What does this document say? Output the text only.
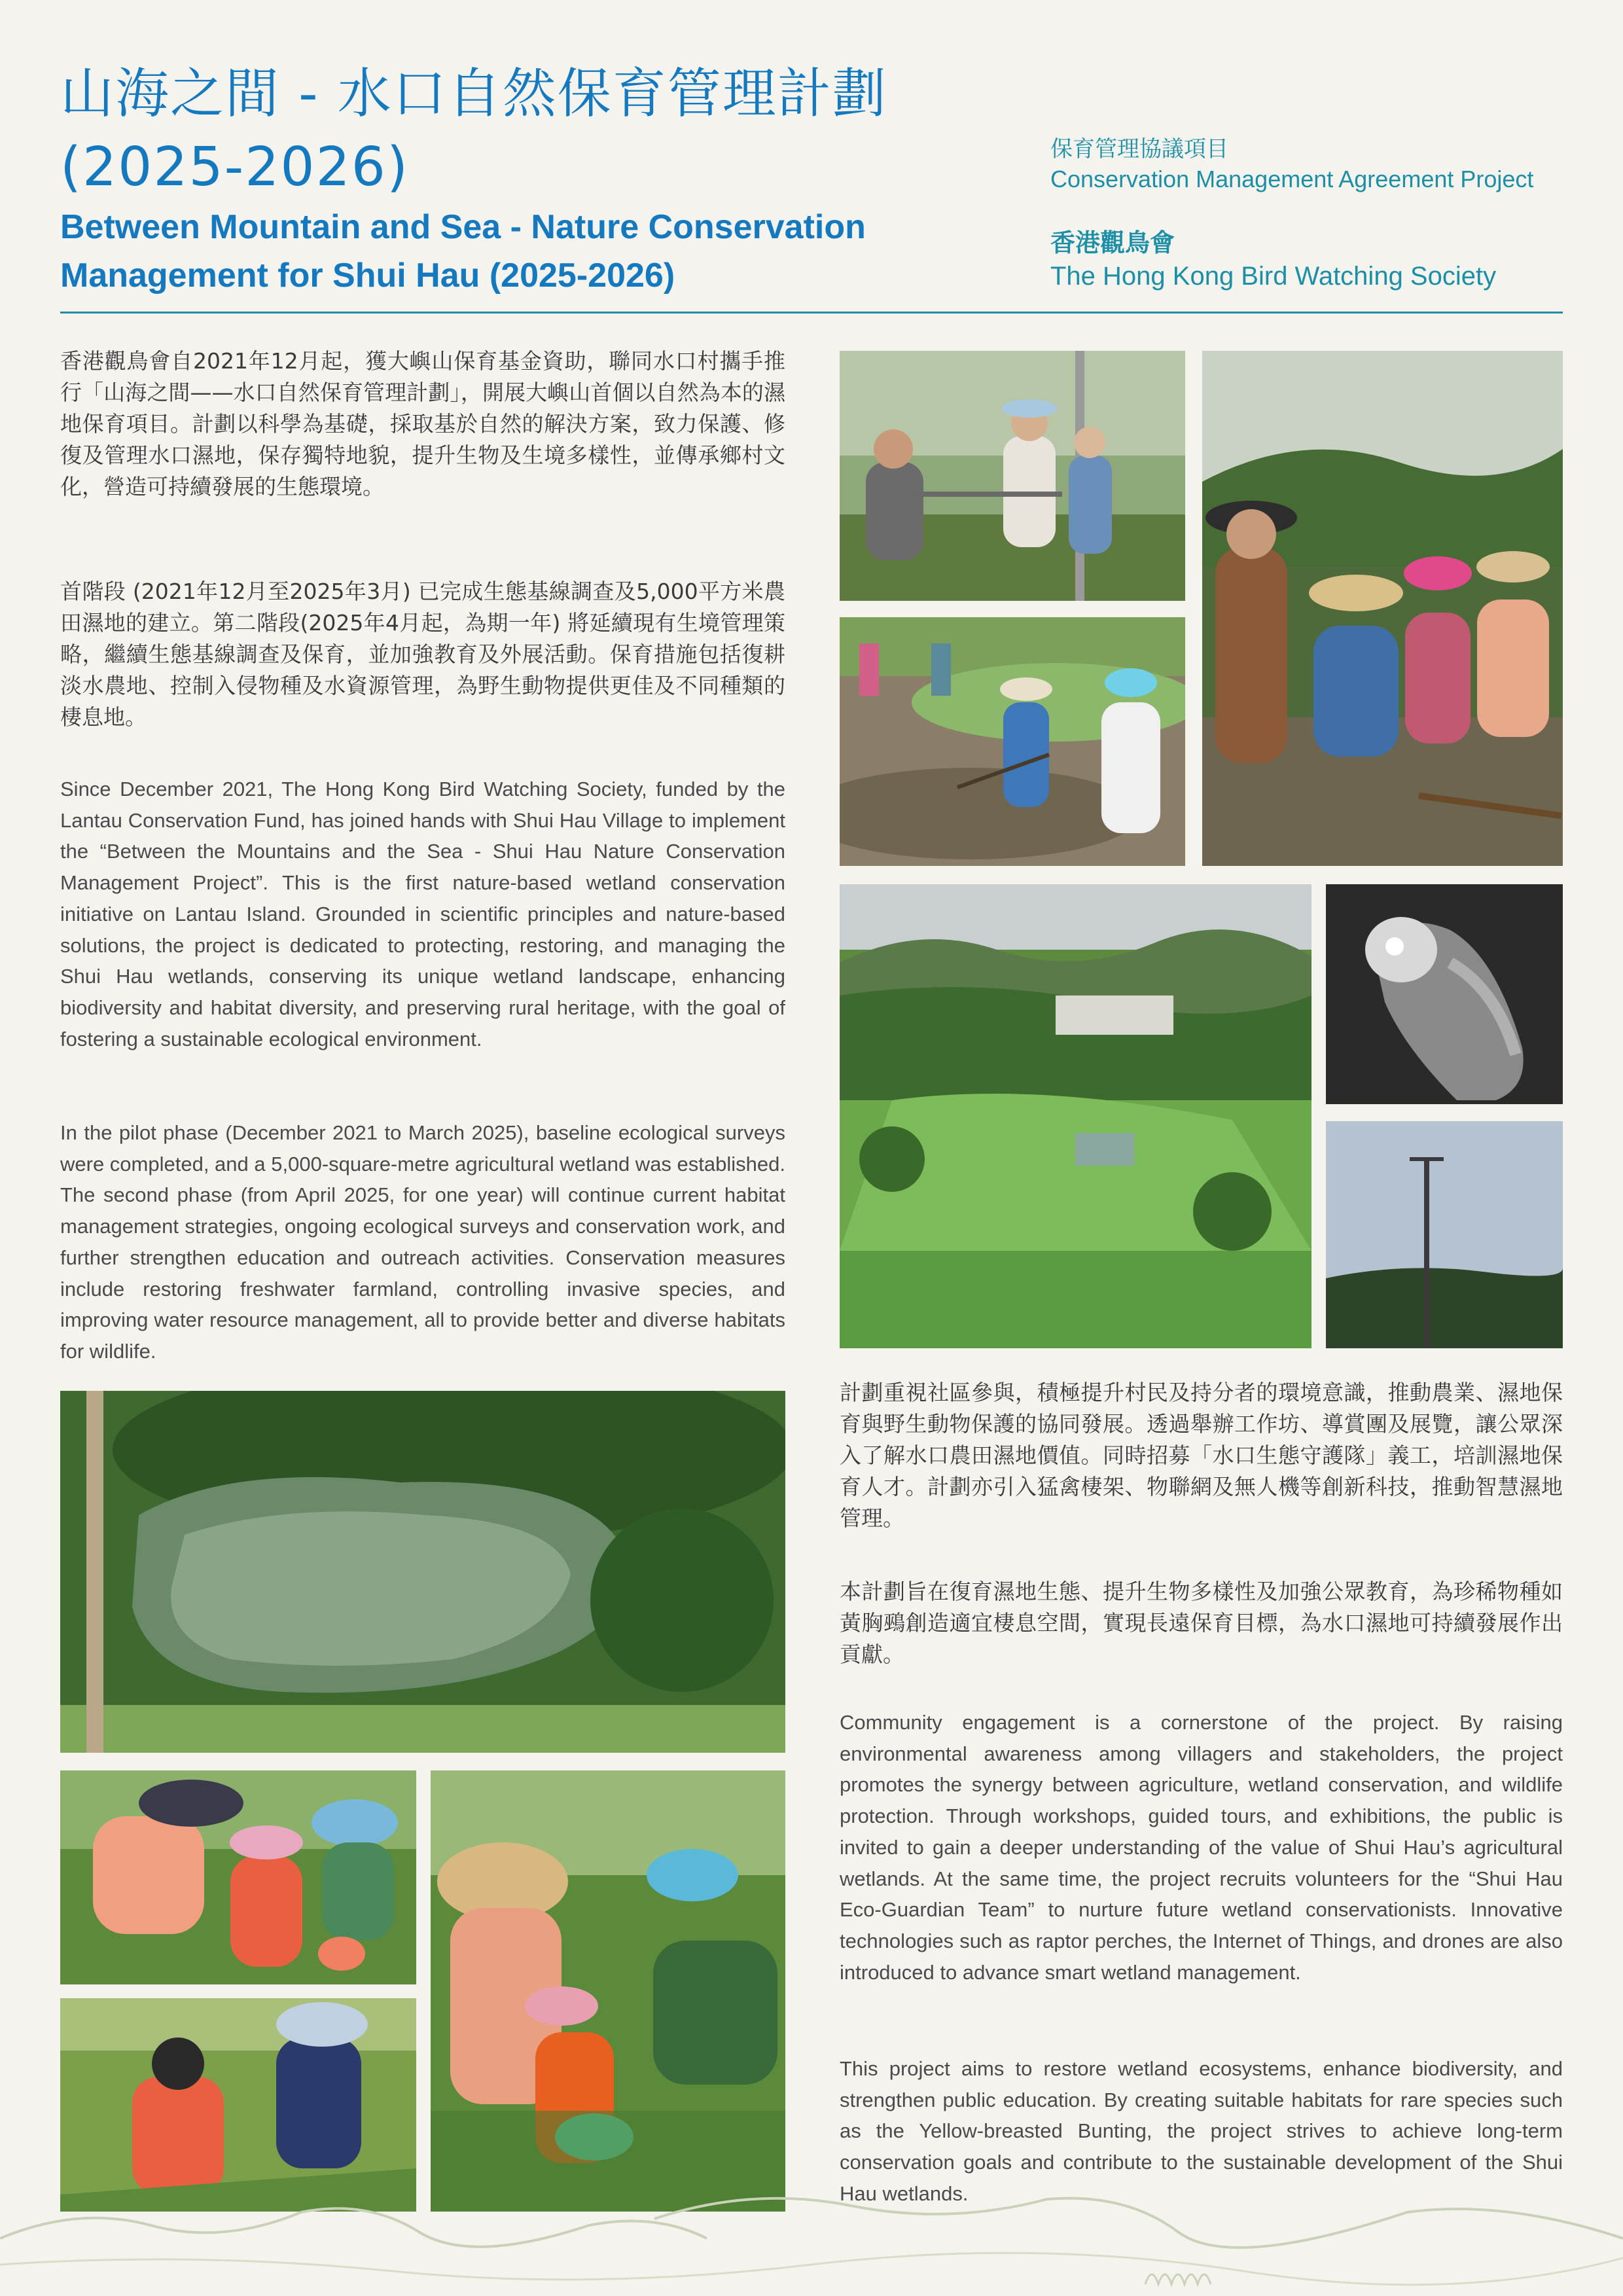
山海之間 - 水口自然保育管理計劃
(2025-2026)
Between Mountain and Sea - Nature Conservation
Management for Shui Hau (2025-2026)
保育管理協議項目
Conservation Management Agreement Project
香港觀鳥會
The Hong Kong Bird Watching Society
香港觀鳥會自2021年12月起，獲大嶼山保育基金資助，聯同水口村攜手推行「山海之間——水口自然保育管理計劃」，開展大嶼山首個以自然為本的濕地保育項目。計劃以科學為基礎，採取基於自然的解決方案，致力保護、修復及管理水口濕地，保存獨特地貌，提升生物及生境多樣性，並傳承鄉村文化，營造可持續發展的生態環境。
首階段 (2021年12月至2025年3月) 已完成生態基線調查及5,000平方米農田濕地的建立。第二階段(2025年4月起，為期一年) 將延續現有生境管理策略，繼續生態基線調查及保育，並加強教育及外展活動。保育措施包括復耕淡水農地、控制入侵物種及水資源管理，為野生動物提供更佳及不同種類的棲息地。
Since December 2021, The Hong Kong Bird Watching Society, funded by the Lantau Conservation Fund, has joined hands with Shui Hau Village to implement the “Between the Mountains and the Sea - Shui Hau Nature Conservation Management Project”. This is the first nature-based wetland conservation initiative on Lantau Island. Grounded in scientific principles and nature-based solutions, the project is dedicated to protecting, restoring, and managing the Shui Hau wetlands, conserving its unique wetland landscape, enhancing biodiversity and habitat diversity, and preserving rural heritage, with the goal of fostering a sustainable ecological environment.
In the pilot phase (December 2021 to March 2025), baseline ecological surveys were completed, and a 5,000-square-metre agricultural wetland was established. The second phase (from April 2025, for one year) will continue current habitat management strategies, ongoing ecological surveys and conservation work, and further strengthen education and outreach activities. Conservation measures include restoring freshwater farmland, controlling invasive species, and improving water resource management, all to provide better and diverse habitats for wildlife.
計劃重視社區參與，積極提升村民及持分者的環境意識，推動農業、濕地保育與野生動物保護的協同發展。透過舉辦工作坊、導賞團及展覽，讓公眾深入了解水口農田濕地價值。同時招募「水口生態守護隊」義工，培訓濕地保育人才。計劃亦引入猛禽棲架、物聯網及無人機等創新科技，推動智慧濕地管理。
本計劃旨在復育濕地生態、提升生物多樣性及加強公眾教育，為珍稀物種如黃胸鵐創造適宜棲息空間，實現長遠保育目標，為水口濕地可持續發展作出貢獻。
Community engagement is a cornerstone of the project. By raising environmental awareness among villagers and stakeholders, the project promotes the synergy between agriculture, wetland conservation, and wildlife protection. Through workshops, guided tours, and exhibitions, the public is invited to gain a deeper understanding of the value of Shui Hau’s agricultural wetlands. At the same time, the project recruits volunteers for the “Shui Hau Eco-Guardian Team” to nurture future wetland conservationists. Innovative technologies such as raptor perches, the Internet of Things, and drones are also introduced to advance smart wetland management.
This project aims to restore wetland ecosystems, enhance biodiversity, and strengthen public education. By creating suitable habitats for rare species such as the Yellow-breasted Bunting, the project strives to achieve long-term conservation goals and contribute to the sustainable development of the Shui Hau wetlands.
